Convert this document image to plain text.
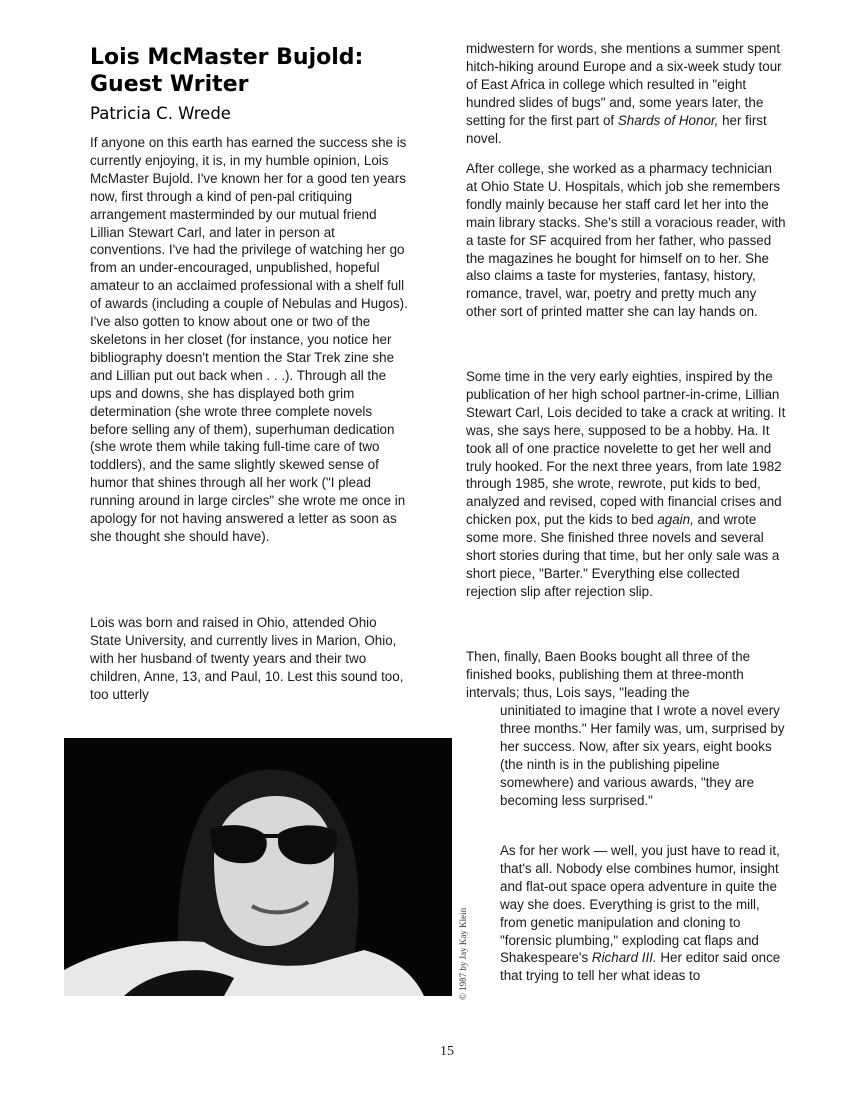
Lois McMaster Bujold: Guest Writer
Patricia C. Wrede

If anyone on this earth has earned the success she is currently enjoying, it is, in my humble opinion, Lois McMaster Bujold. I've known her for a good ten years now, first through a kind of pen-pal critiquing arrangement masterminded by our mutual friend Lillian Stewart Carl, and later in person at conventions. I've had the privilege of watching her go from an under-encouraged, unpublished, hopeful amateur to an acclaimed professional with a shelf full of awards (including a couple of Nebulas and Hugos). I've also gotten to know about one or two of the skeletons in her closet (for instance, you notice her bibliography doesn't mention the Star Trek zine she and Lillian put out back when . . .). Through all the ups and downs, she has displayed both grim determination (she wrote three complete novels before selling any of them), superhuman dedication (she wrote them while taking full-time care of two toddlers), and the same slightly skewed sense of humor that shines through all her work ("I plead running around in large circles" she wrote me once in apology for not having answered a letter as soon as she thought she should have).

Lois was born and raised in Ohio, attended Ohio State University, and currently lives in Marion, Ohio, with her husband of twenty years and their two children, Anne, 13, and Paul, 10. Lest this sound too, too utterly

© 1987 by Jay Kay Klein

midwestern for words, she mentions a summer spent hitch-hiking around Europe and a six-week study tour of East Africa in college which resulted in "eight hundred slides of bugs" and, some years later, the setting for the first part of Shards of Honor, her first novel.

After college, she worked as a pharmacy technician at Ohio State U. Hospitals, which job she remembers fondly mainly because her staff card let her into the main library stacks. She's still a voracious reader, with a taste for SF acquired from her father, who passed the magazines he bought for himself on to her. She also claims a taste for mysteries, fantasy, history, romance, travel, war, poetry and pretty much any other sort of printed matter she can lay hands on.

Some time in the very early eighties, inspired by the publication of her high school partner-in-crime, Lillian Stewart Carl, Lois decided to take a crack at writing. It was, she says here, supposed to be a hobby. Ha. It took all of one practice novelette to get her well and truly hooked. For the next three years, from late 1982 through 1985, she wrote, rewrote, put kids to bed, analyzed and revised, coped with financial crises and chicken pox, put the kids to bed again, and wrote some more. She finished three novels and several short stories during that time, but her only sale was a short piece, "Barter." Everything else collected rejection slip after rejection slip.

Then, finally, Baen Books bought all three of the finished books, publishing them at three-month intervals; thus, Lois says, "leading the

uninitiated to imagine that I wrote a novel every three months." Her family was, um, surprised by her success. Now, after six years, eight books (the ninth is in the publishing pipeline somewhere) and various awards, "they are becoming less surprised."

As for her work — well, you just have to read it, that's all. Nobody else combines humor, insight and flat-out space opera adventure in quite the way she does. Everything is grist to the mill, from genetic manipulation and cloning to "forensic plumbing," exploding cat flaps and Shakespeare's Richard III. Her editor said once that trying to tell her what ideas to

15
